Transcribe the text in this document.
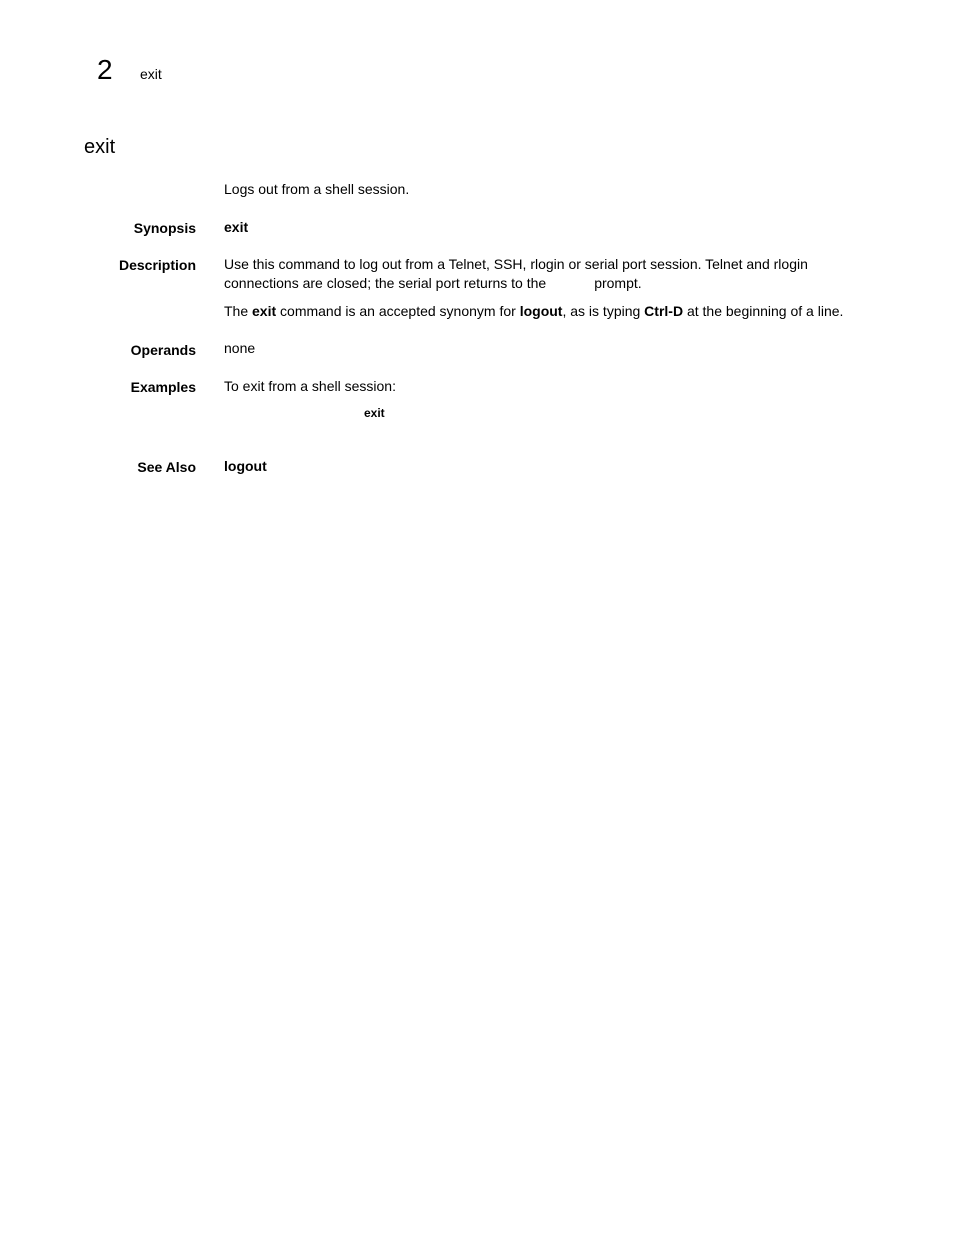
2 exit
exit
Logs out from a shell session.
Synopsis exit
Description Use this command to log out from a Telnet, SSH, rlogin or serial port session. Telnet and rlogin connections are closed; the serial port returns to the	prompt.
The exit command is an accepted synonym for logout, as is typing Ctrl-D at the beginning of a line.
Operands none
Examples To exit from a shell session:
exit
See Also logout
